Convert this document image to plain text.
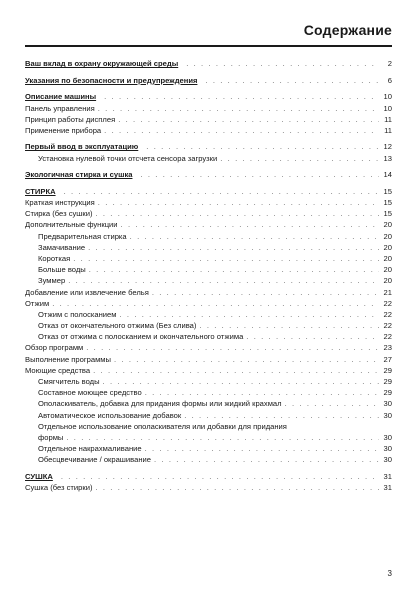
Содержание
Ваш вклад в охрану окружающей среды . . .	2
Указания по безопасности и предупреждения . . .	6
Описание машины . . .	10
Панель управления . . .	10
Принцип работы дисплея . . .	11
Применение прибора . . .	11
Первый ввод в эксплуатацию . . .	12
Установка нулевой точки отсчета сенсора загрузки . . .	13
Экологичная стирка и сушка . . .	14
СТИРКА . . .	15
Краткая инструкция . . .	15
Стирка (без сушки) . . .	15
Дополнительные функции . . .	20
Предварительная стирка . . .	20
Замачивание . . .	20
Короткая . . .	20
Больше воды . . .	20
Зуммер . . .	20
Добавление или извлечение белья . . .	21
Отжим . . .	22
Отжим с полосканием . . .	22
Отказ от окончательного отжима (Без слива) . . .	22
Отказ от отжима с полосканием и окончательного отжима . . .	22
Обзор программ . . .	23
Выполнение программы . . .	27
Моющие средства . . .	29
Смягчитель воды . . .	29
Составное моющее средство . . .	29
Ополаскиватель, добавка для придания формы или жидкий крахмал . . .	30
Автоматическое использование добавок . . .	30
Отдельное использование ополаскивателя или добавки для придания
формы . . .	30
Отдельное накрахмаливание . . .	30
Обесцвечивание / окрашивание . . .	30
СУШКА . . .	31
Сушка (без стирки) . . .	31
3
